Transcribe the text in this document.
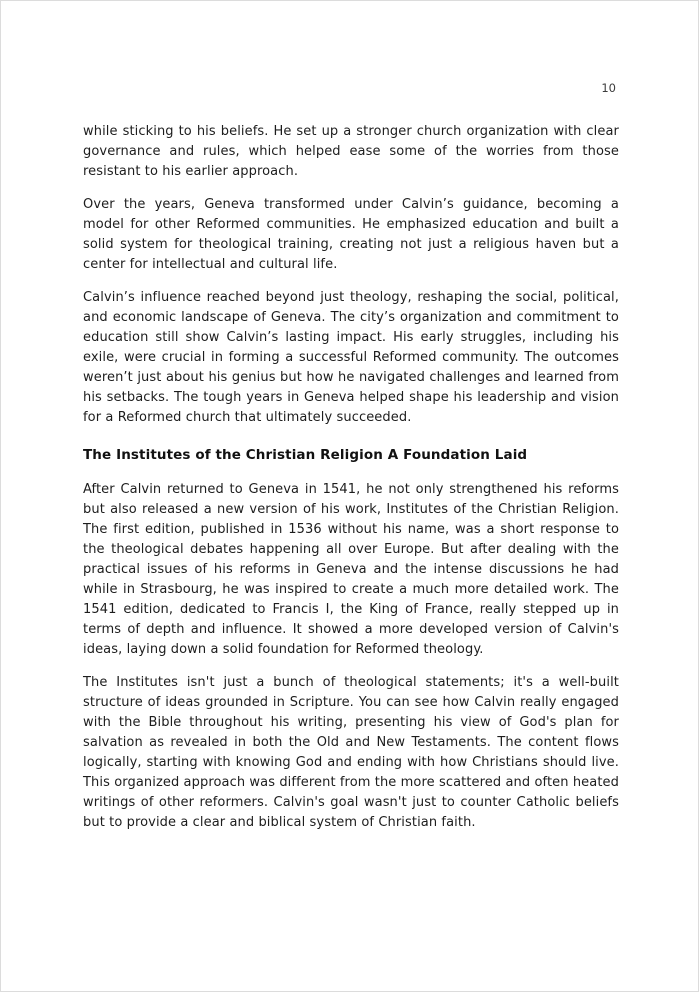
10

while sticking to his beliefs. He set up a stronger church organization with clear governance and rules, which helped ease some of the worries from those resistant to his earlier approach.

Over the years, Geneva transformed under Calvin’s guidance, becoming a model for other Reformed communities. He emphasized education and built a solid system for theological training, creating not just a religious haven but a center for intellectual and cultural life.

Calvin’s influence reached beyond just theology, reshaping the social, political, and economic landscape of Geneva. The city’s organization and commitment to education still show Calvin’s lasting impact. His early struggles, including his exile, were crucial in forming a successful Reformed community. The outcomes weren’t just about his genius but how he navigated challenges and learned from his setbacks. The tough years in Geneva helped shape his leadership and vision for a Reformed church that ultimately succeeded.

The Institutes of the Christian Religion A Foundation Laid

After Calvin returned to Geneva in 1541, he not only strengthened his reforms but also released a new version of his work, Institutes of the Christian Religion. The first edition, published in 1536 without his name, was a short response to the theological debates happening all over Europe. But after dealing with the practical issues of his reforms in Geneva and the intense discussions he had while in Strasbourg, he was inspired to create a much more detailed work. The 1541 edition, dedicated to Francis I, the King of France, really stepped up in terms of depth and influence. It showed a more developed version of Calvin's ideas, laying down a solid foundation for Reformed theology.

The Institutes isn't just a bunch of theological statements; it's a well-built structure of ideas grounded in Scripture. You can see how Calvin really engaged with the Bible throughout his writing, presenting his view of God's plan for salvation as revealed in both the Old and New Testaments. The content flows logically, starting with knowing God and ending with how Christians should live. This organized approach was different from the more scattered and often heated writings of other reformers. Calvin's goal wasn't just to counter Catholic beliefs but to provide a clear and biblical system of Christian faith.
